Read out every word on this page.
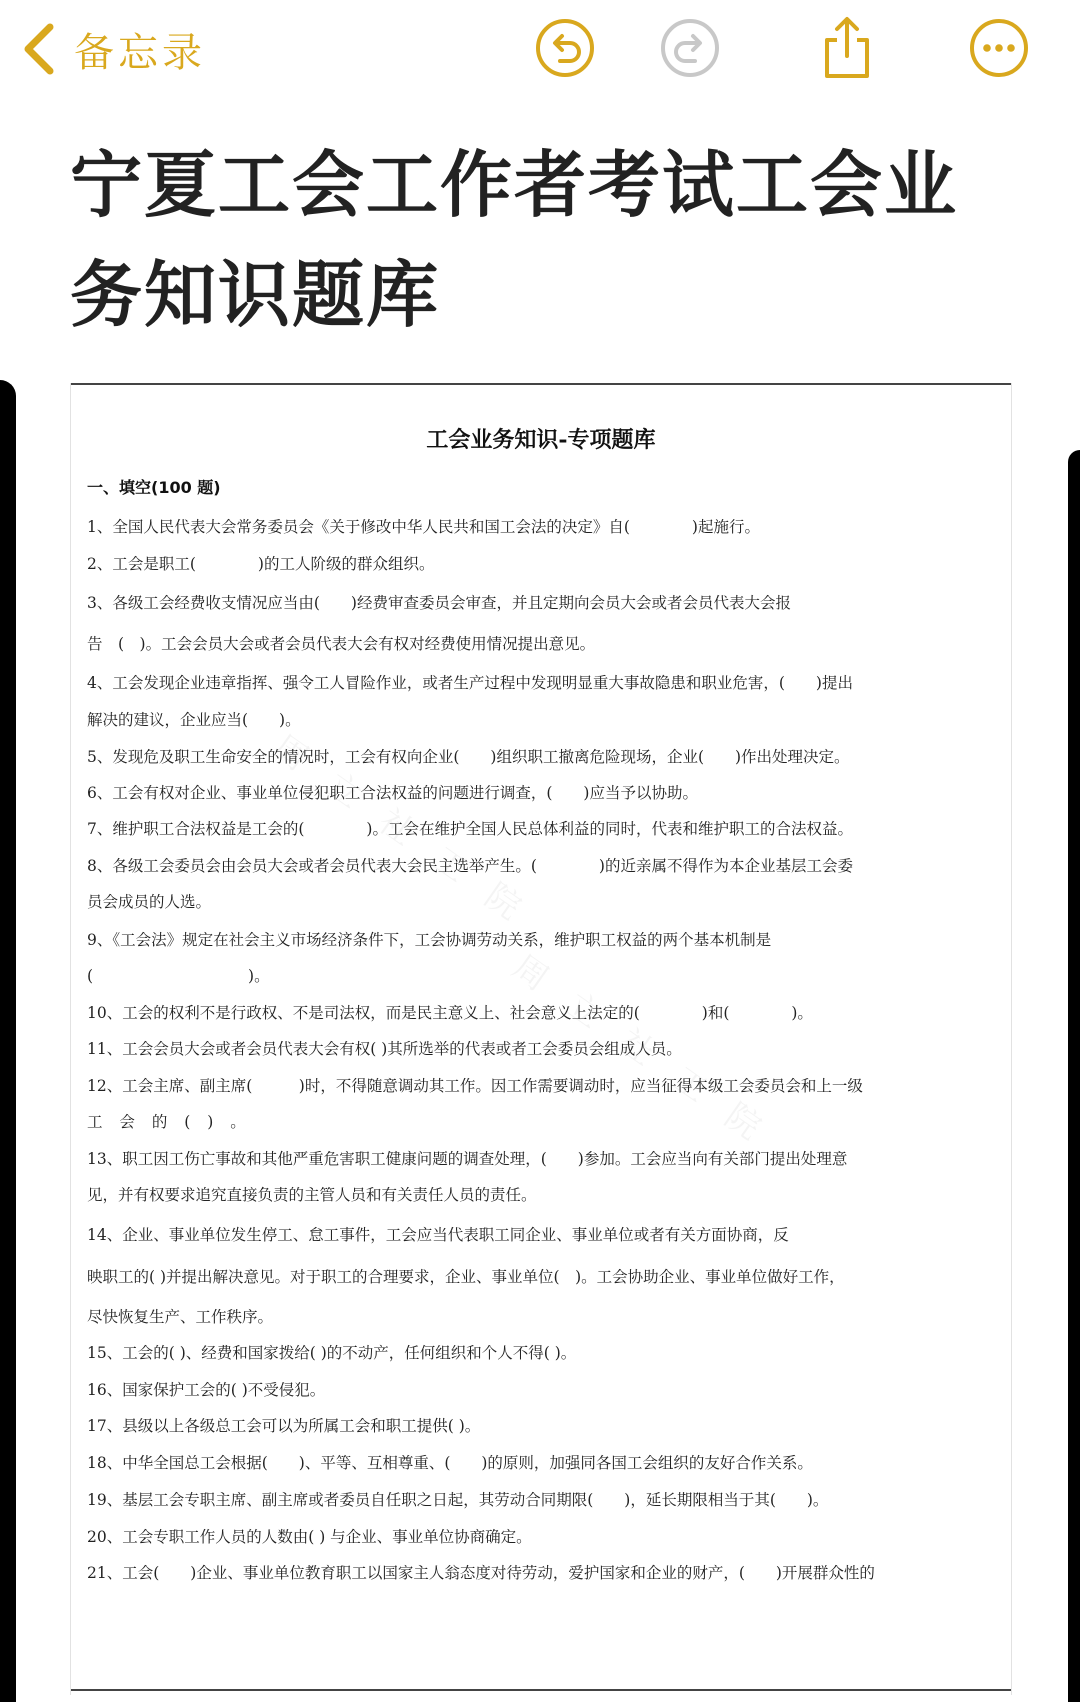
备忘录
宁夏工会工作者考试工会业
务知识题库
工会业务知识-专项题库
一、填空(100 题)
1、全国人民代表大会常务委员会《关于修改中华人民共和国工会法的决定》自(　　　　)起施行。
2、工会是职工(　　　　)的工人阶级的群众组织。
3、各级工会经费收支情况应当由(　　)经费审查委员会审查，并且定期向会员大会或者会员代表大会报
告　(　)。工会会员大会或者会员代表大会有权对经费使用情况提出意见。
4、工会发现企业违章指挥、强令工人冒险作业，或者生产过程中发现明显重大事故隐患和职业危害，(　　)提出
解决的建议，企业应当(　　)。
5、发现危及职工生命安全的情况时，工会有权向企业(　　)组织职工撤离危险现场，企业(　　)作出处理决定。
6、工会有权对企业、事业单位侵犯职工合法权益的问题进行调查，(　　)应当予以协助。
7、维护职工合法权益是工会的(　　　　)。工会在维护全国人民总体利益的同时，代表和维护职工的合法权益。
8、各级工会委员会由会员大会或者会员代表大会民主选举产生。(　　　　)的近亲属不得作为本企业基层工会委
员会成员的人选。
9、《工会法》规定在社会主义市场经济条件下，工会协调劳动关系，维护职工权益的两个基本机制是
(　　　　　　　　　　)。
10、工会的权利不是行政权、不是司法权，而是民主意义上、社会意义上法定的(　　　　)和(　　　　)。
11、工会会员大会或者会员代表大会有权( )其所选举的代表或者工会委员会组成人员。
12、工会主席、副主席(　　　)时，不得随意调动其工作。因工作需要调动时，应当征得本级工会委员会和上一级
工 会 的 ( ) 。
13、职工因工伤亡事故和其他严重危害职工健康问题的调查处理，(　　)参加。工会应当向有关部门提出处理意
见，并有权要求追究直接负责的主管人员和有关责任人员的责任。
14、企业、事业单位发生停工、怠工事件，工会应当代表职工同企业、事业单位或者有关方面协商，反
映职工的( )并提出解决意见。对于职工的合理要求，企业、事业单位(　)。工会协助企业、事业单位做好工作，
尽快恢复生产、工作秩序。
15、工会的( )、经费和国家拨给( )的不动产，任何组织和个人不得( )。
16、国家保护工会的( )不受侵犯。
17、县级以上各级总工会可以为所属工会和职工提供( )。
18、中华全国总工会根据(　　)、平等、互相尊重、(　　)的原则，加强同各国工会组织的友好合作关系。
19、基层工会专职主席、副主席或者委员自任职之日起，其劳动合同期限(　　)，延长期限相当于其(　　)。
20、工会专职工作人员的人数由( ) 与企业、事业单位协商确定。
21、工会(　　)企业、事业单位教育职工以国家主人翁态度对待劳动，爱护国家和企业的财产，(　　)开展群众性的
